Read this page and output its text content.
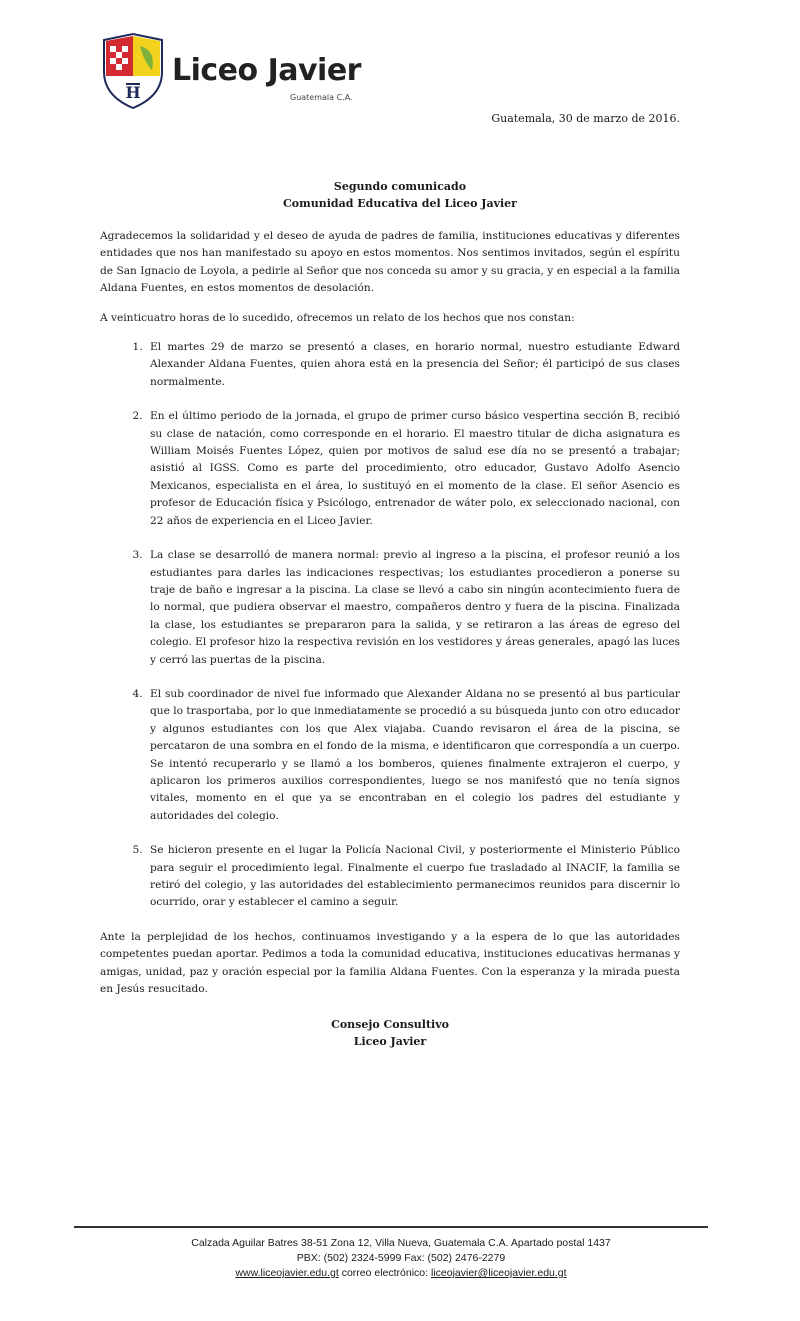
H
Liceo Javier
Guatemala C.A.
Guatemala, 30 de marzo de 2016.
Segundo comunicado
Comunidad Educativa del Liceo Javier

Agradecemos la solidaridad y el deseo de ayuda de padres de familia, instituciones educativas y diferentes entidades que nos han manifestado su apoyo en estos momentos. Nos sentimos invitados, según el espíritu de San Ignacio de Loyola, a pedirle al Señor que nos conceda su amor y su gracia, y en especial a la familia Aldana Fuentes, en estos momentos de desolación.

A veinticuatro horas de lo sucedido, ofrecemos un relato de los hechos que nos constan:

1. El martes 29 de marzo se presentó a clases, en horario normal, nuestro estudiante Edward Alexander Aldana Fuentes, quien ahora está en la presencia del Señor; él participó de sus clases normalmente.
2. En el último periodo de la jornada, el grupo de primer curso básico vespertina sección B, recibió su clase de natación, como corresponde en el horario. El maestro titular de dicha asignatura es William Moisés Fuentes López, quien por motivos de salud ese día no se presentó a trabajar; asistió al IGSS. Como es parte del procedimiento, otro educador, Gustavo Adolfo Asencio Mexicanos, especialista en el área, lo sustituyó en el momento de la clase. El señor Asencio es profesor de Educación física y Psicólogo, entrenador de wáter polo, ex seleccionado nacional, con 22 años de experiencia en el Liceo Javier.
3. La clase se desarrolló de manera normal: previo al ingreso a la piscina, el profesor reunió a los estudiantes para darles las indicaciones respectivas; los estudiantes procedieron a ponerse su traje de baño e ingresar a la piscina. La clase se llevó a cabo sin ningún acontecimiento fuera de lo normal, que pudiera observar el maestro, compañeros dentro y fuera de la piscina. Finalizada la clase, los estudiantes se prepararon para la salida, y se retiraron a las áreas de egreso del colegio. El profesor hizo la respectiva revisión en los vestidores y áreas generales, apagó las luces y cerró las puertas de la piscina.
4. El sub coordinador de nivel fue informado que Alexander Aldana no se presentó al bus particular que lo trasportaba, por lo que inmediatamente se procedió a su búsqueda junto con otro educador y algunos estudiantes con los que Alex viajaba. Cuando revisaron el área de la piscina, se percataron de una sombra en el fondo de la misma, e identificaron que correspondía a un cuerpo. Se intentó recuperarlo y se llamó a los bomberos, quienes finalmente extrajeron el cuerpo, y aplicaron los primeros auxilios correspondientes, luego se nos manifestó que no tenía signos vitales, momento en el que ya se encontraban en el colegio los padres del estudiante y autoridades del colegio.
5. Se hicieron presente en el lugar la Policía Nacional Civil, y posteriormente el Ministerio Público para seguir el procedimiento legal. Finalmente el cuerpo fue trasladado al INACIF, la familia se retiró del colegio, y las autoridades del establecimiento permanecimos reunidos para discernir lo ocurrido, orar y establecer el camino a seguir.

Ante la perplejidad de los hechos, continuamos investigando y a la espera de lo que las autoridades competentes puedan aportar. Pedimos a toda la comunidad educativa, instituciones educativas hermanas y amigas, unidad, paz y oración especial por la familia Aldana Fuentes. Con la esperanza y la mirada puesta en Jesús resucitado.

Consejo Consultivo
Liceo Javier
Calzada Aguilar Batres 38-51 Zona 12, Villa Nueva, Guatemala C.A. Apartado postal 1437
PBX: (502) 2324-5999 Fax: (502) 2476-2279
www.liceojavier.edu.gt correo electrónico: liceojavier@liceojavier.edu.gt
